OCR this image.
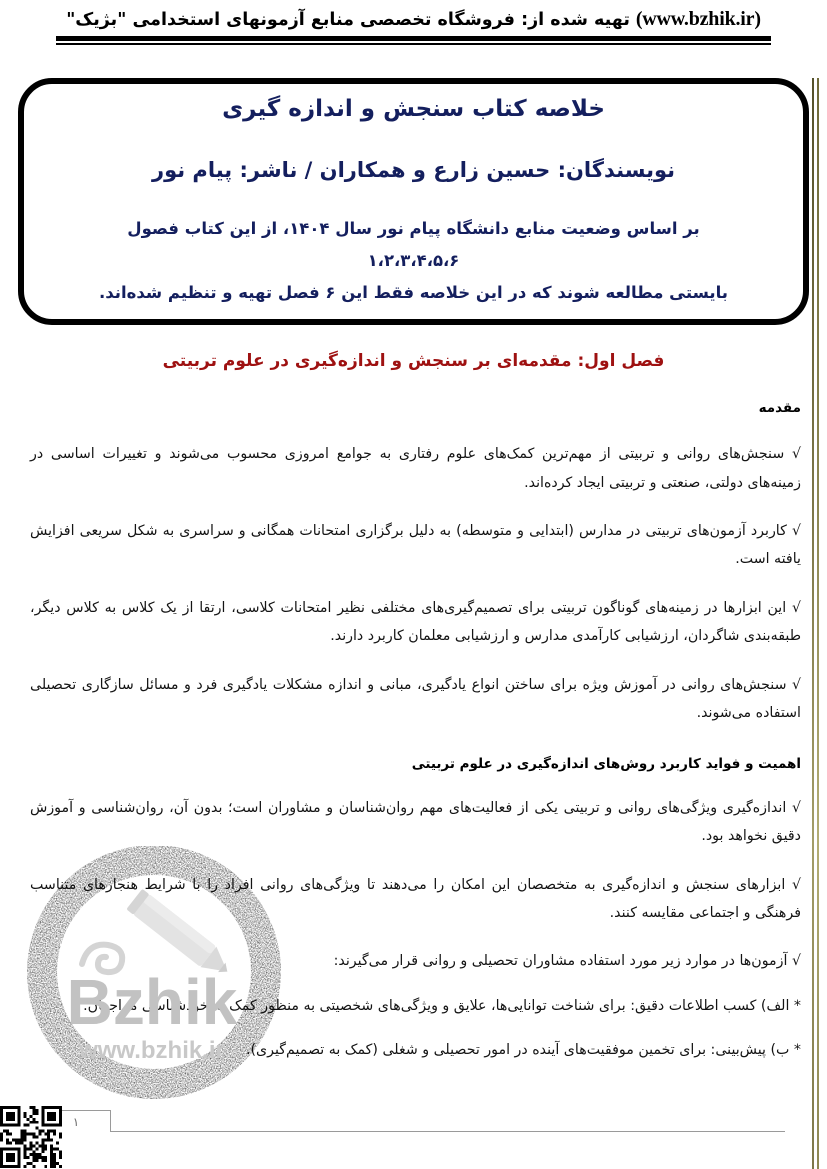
(www.bzhik.ir) تهیه شده از: فروشگاه تخصصی منابع آزمونهای استخدامی "بژیک"
خلاصه کتاب سنجش و اندازه گیری
نویسندگان: حسین زارع و همکاران / ناشر: پیام نور
بر اساس وضعیت منابع دانشگاه پیام نور سال ۱۴۰۴، از این کتاب فصول ۱،۲،۳،۴،۵،۶
بایستی مطالعه شوند که در این خلاصه فقط این ۶ فصل تهیه و تنظیم شده‌اند.
فصل اول: مقدمه‌ای بر سنجش و اندازه‌گیری در علوم تربیتی
مقدمه

√ سنجش‌های روانی و تربیتی از مهم‌ترین کمک‌های علوم رفتاری به جوامع امروزی محسوب می‌شوند و تغییرات اساسی در زمینه‌های دولتی، صنعتی و تربیتی ایجاد کرده‌اند.

√ کاربرد آزمون‌های تربیتی در مدارس (ابتدایی و متوسطه) به دلیل برگزاری امتحانات همگانی و سراسری به شکل سریعی افزایش یافته است.

√ این ابزارها در زمینه‌های گوناگون تربیتی برای تصمیم‌گیری‌های مختلفی نظیر امتحانات کلاسی، ارتقا از یک کلاس به کلاس دیگر، طبقه‌بندی شاگردان، ارزشیابی کارآمدی مدارس و ارزشیابی معلمان کاربرد دارند.

√ سنجش‌های روانی در آموزش ویژه برای ساختن انواع یادگیری، مبانی و اندازه مشکلات یادگیری فرد و مسائل سازگاری تحصیلی استفاده می‌شوند.

اهمیت و فواید کاربرد روش‌های اندازه‌گیری در علوم تربیتی

√ اندازه‌گیری ویژگی‌های روانی و تربیتی یکی از فعالیت‌های مهم روان‌شناسان و مشاوران است؛ بدون آن، روان‌شناسی و آموزش دقیق نخواهد بود.

√ ابزارهای سنجش و اندازه‌گیری به متخصصان این امکان را می‌دهند تا ویژگی‌های روانی افراد را با شرایط هنجارهای متناسب فرهنگی و اجتماعی مقایسه کنند.

√ آزمون‌ها در موارد زیر مورد استفاده مشاوران تحصیلی و روانی قرار می‌گیرند:

* الف) کسب اطلاعات دقیق: برای شناخت توانایی‌ها، علایق و ویژگی‌های شخصیتی به منظور کمک به خودشناسی مراجعان.

* ب) پیش‌بینی: برای تخمین موفقیت‌های آینده در امور تحصیلی و شغلی (کمک به تصمیم‌گیری).

Bzhik
www.bzhik.ir
۱
